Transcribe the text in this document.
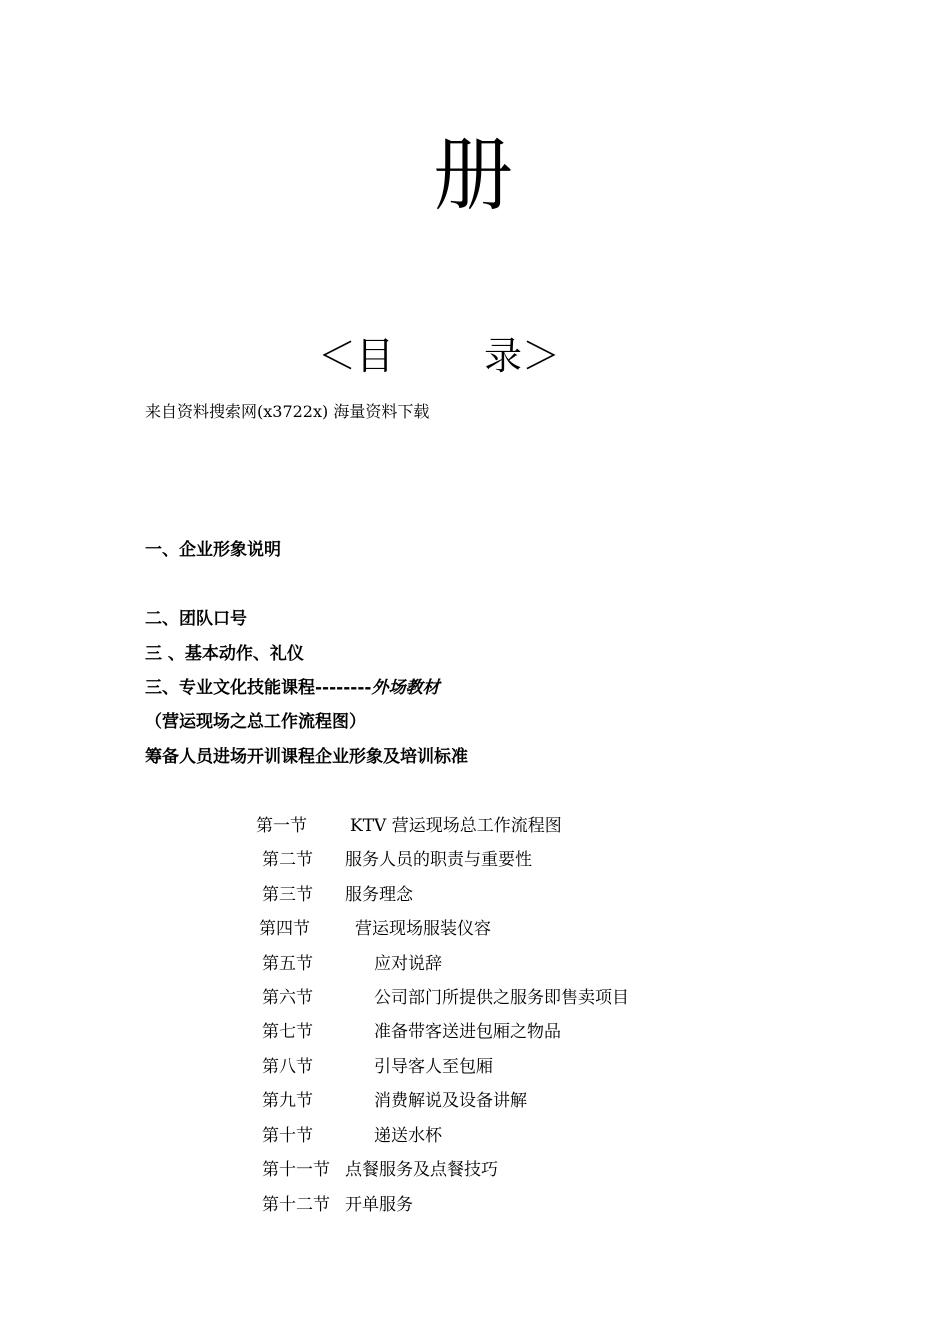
册
＜目 录＞
来自资料搜索网(x3722x) 海量资料下载
一、企业形象说明
二、团队口号
三 、基本动作、礼仪
三、专业文化技能课程--------外场教材
（营运现场之总工作流程图）
筹备人员进场开训课程企业形象及培训标准
第一节	KTV 营运现场总工作流程图
第二节 服务人员的职责与重要性
第三节 服务理念
第四节	营运现场服装仪容
第五节	应对说辞
第六节	公司部门所提供之服务即售卖项目
第七节	准备带客送进包厢之物品
第八节	引导客人至包厢
第九节	消费解说及设备讲解
第十节	递送水杯
第十一节 点餐服务及点餐技巧
第十二节 开单服务
